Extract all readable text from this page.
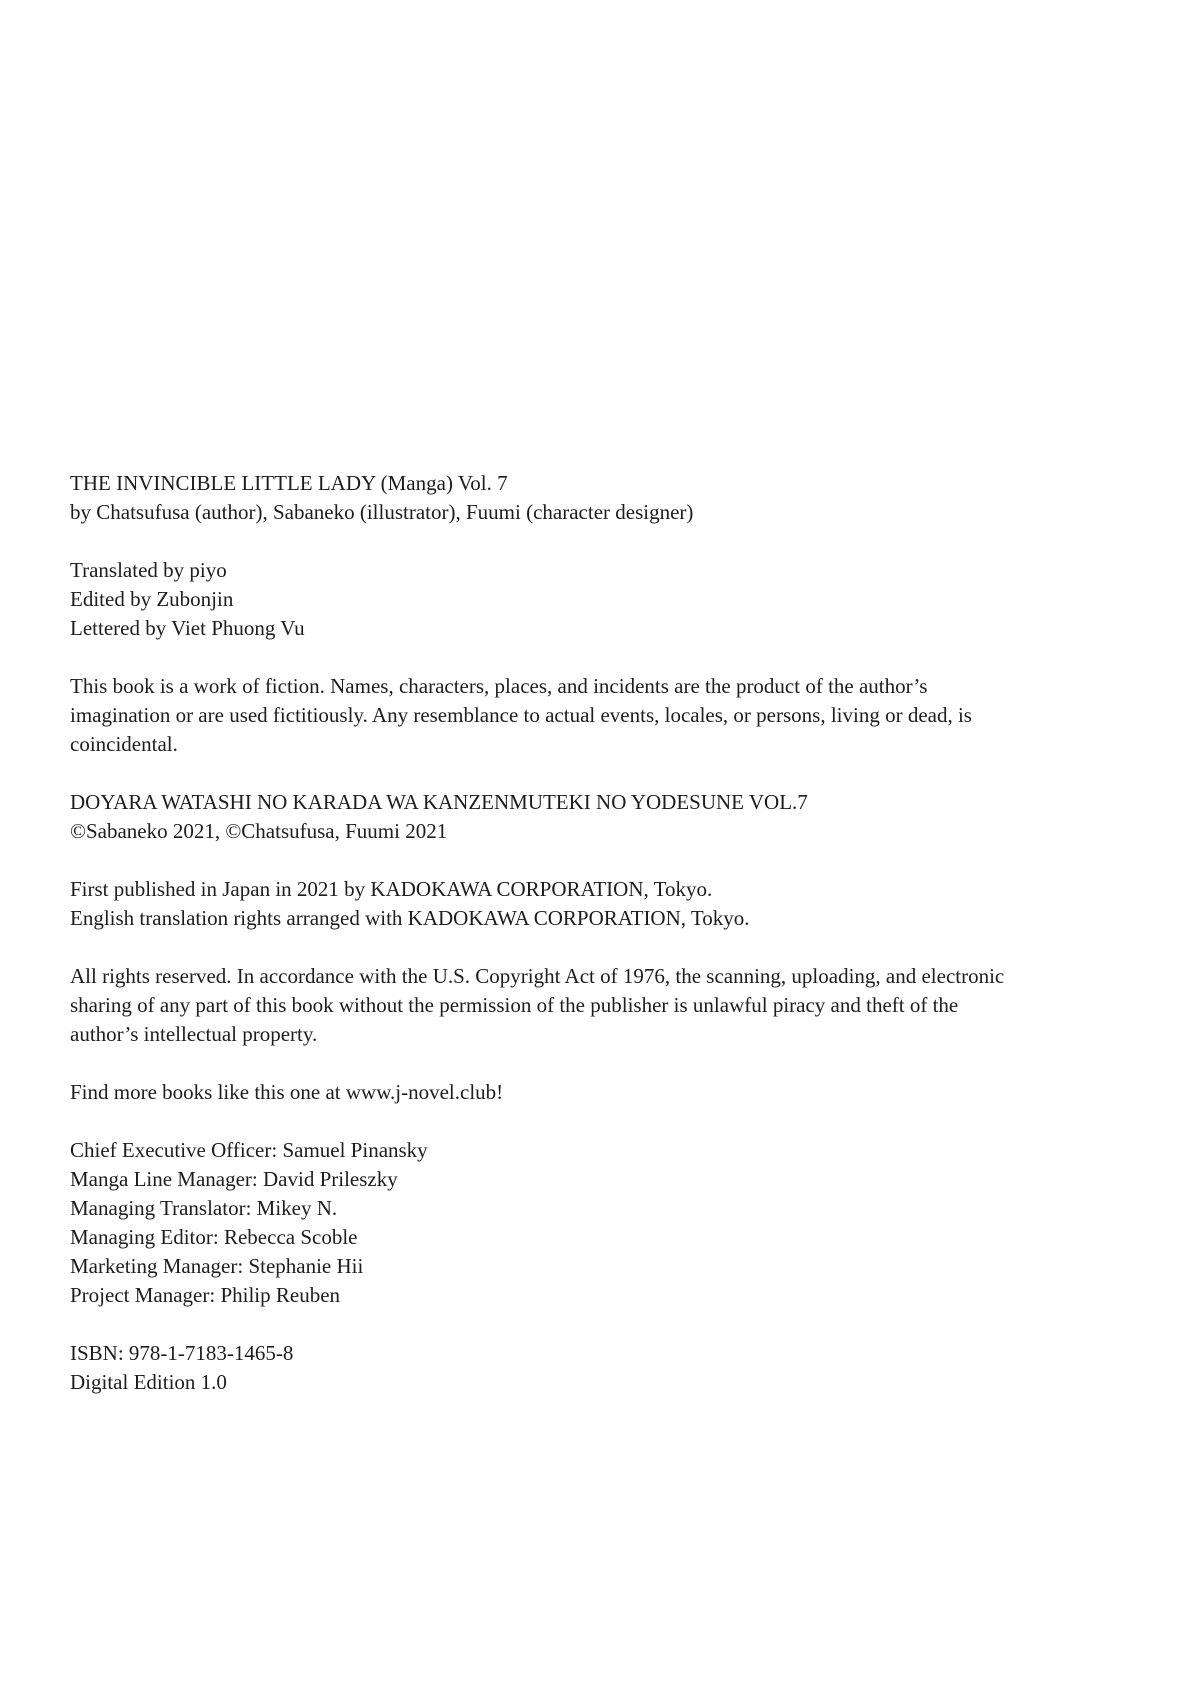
THE INVINCIBLE LITTLE LADY (Manga) Vol. 7

by Chatsufusa (author), Sabaneko (illustrator), Fuumi (character designer)

Translated by piyo

Edited by Zubonjin

Lettered by Viet Phuong Vu

This book is a work of fiction. Names, characters, places, and incidents are the product of the author’s imagination or are used fictitiously. Any resemblance to actual events, locales, or persons, living or dead, is coincidental.

DOYARA WATASHI NO KARADA WA KANZENMUTEKI NO YODESUNE VOL.7

©Sabaneko 2021, ©Chatsufusa, Fuumi 2021

First published in Japan in 2021 by KADOKAWA CORPORATION, Tokyo.

English translation rights arranged with KADOKAWA CORPORATION, Tokyo.

All rights reserved. In accordance with the U.S. Copyright Act of 1976, the scanning, uploading, and electronic sharing of any part of this book without the permission of the publisher is unlawful piracy and theft of the author’s intellectual property.

Find more books like this one at www.j-novel.club!

Chief Executive Officer: Samuel Pinansky

Manga Line Manager: David Prileszky

Managing Translator: Mikey N.

Managing Editor: Rebecca Scoble

Marketing Manager: Stephanie Hii

Project Manager: Philip Reuben

ISBN: 978-1-7183-1465-8

Digital Edition 1.0
